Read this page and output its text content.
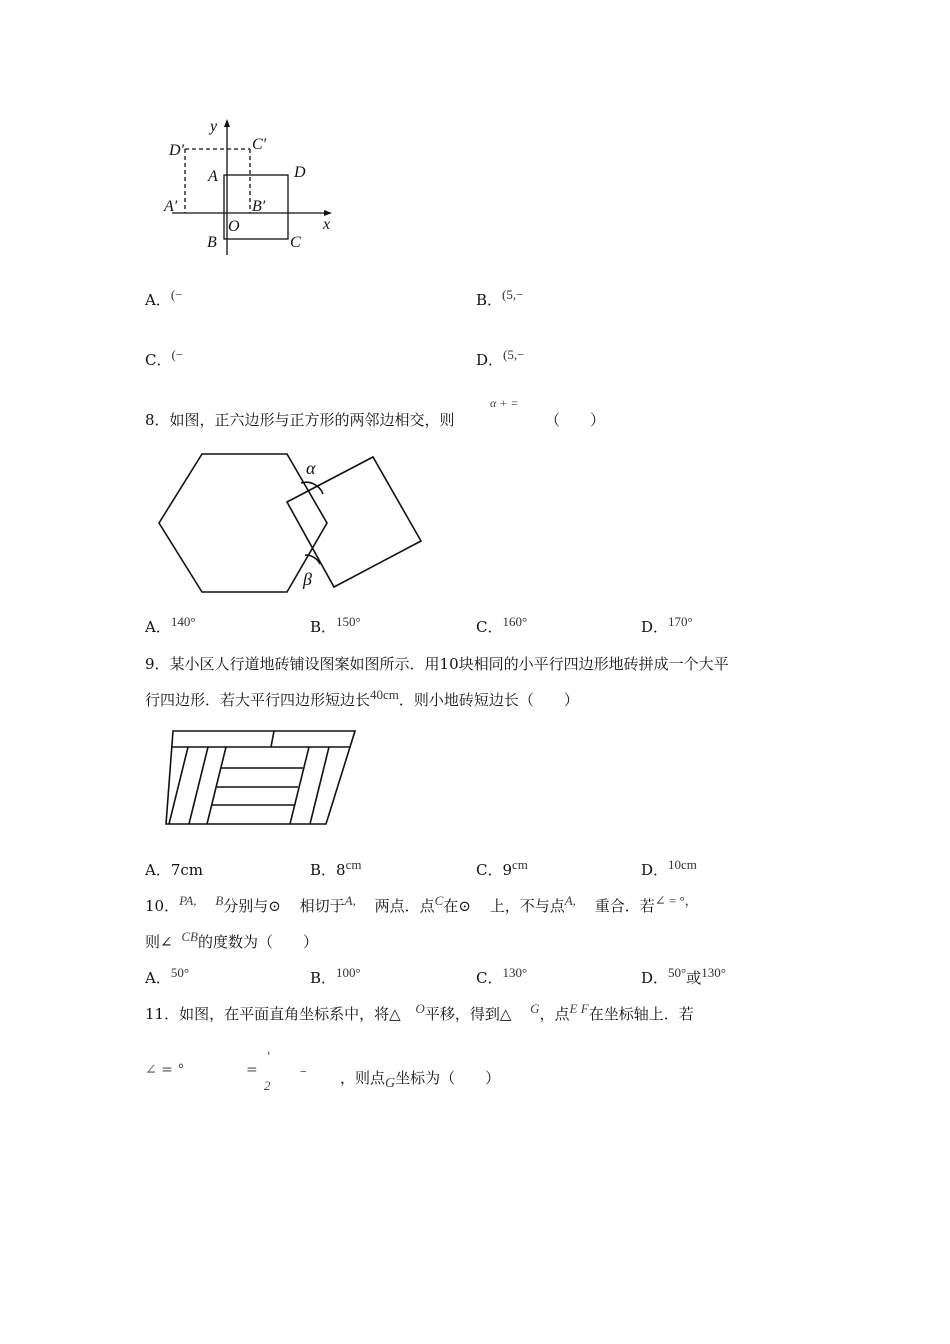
y
x
O
A
B	C
D
A′	B′
C′
D′
A．(−	B．(5,−
C．(−	D．(5,−
8．如图，正六边形与正方形的两邻边相交，则
α + =
（　　）
α
β
A．140°	B．150°	C．160°	D．170°
9．某小区人行道地砖铺设图案如图所示．用10块相同的小平行四边形地砖拼成一个大平
行四边形．若大平行四边形短边长40cm．则小地砖短边长（　　）
A．7cm	B．8cm	C．9cm	D．10cm
10．PA, B分别与⊙ 相切于A, 两点．点C在⊙ 上，不与点A, 重合．若∠ = °，
则∠ CB的度数为（　　）
A．50°	B．100°	C．130°	D．50°或130°
11．如图，在平面直角坐标系中，将△ O平移，得到△ G，点E F在坐标轴上．若
∠ = °	=
'
2
– ，则点G坐标为（　　）
